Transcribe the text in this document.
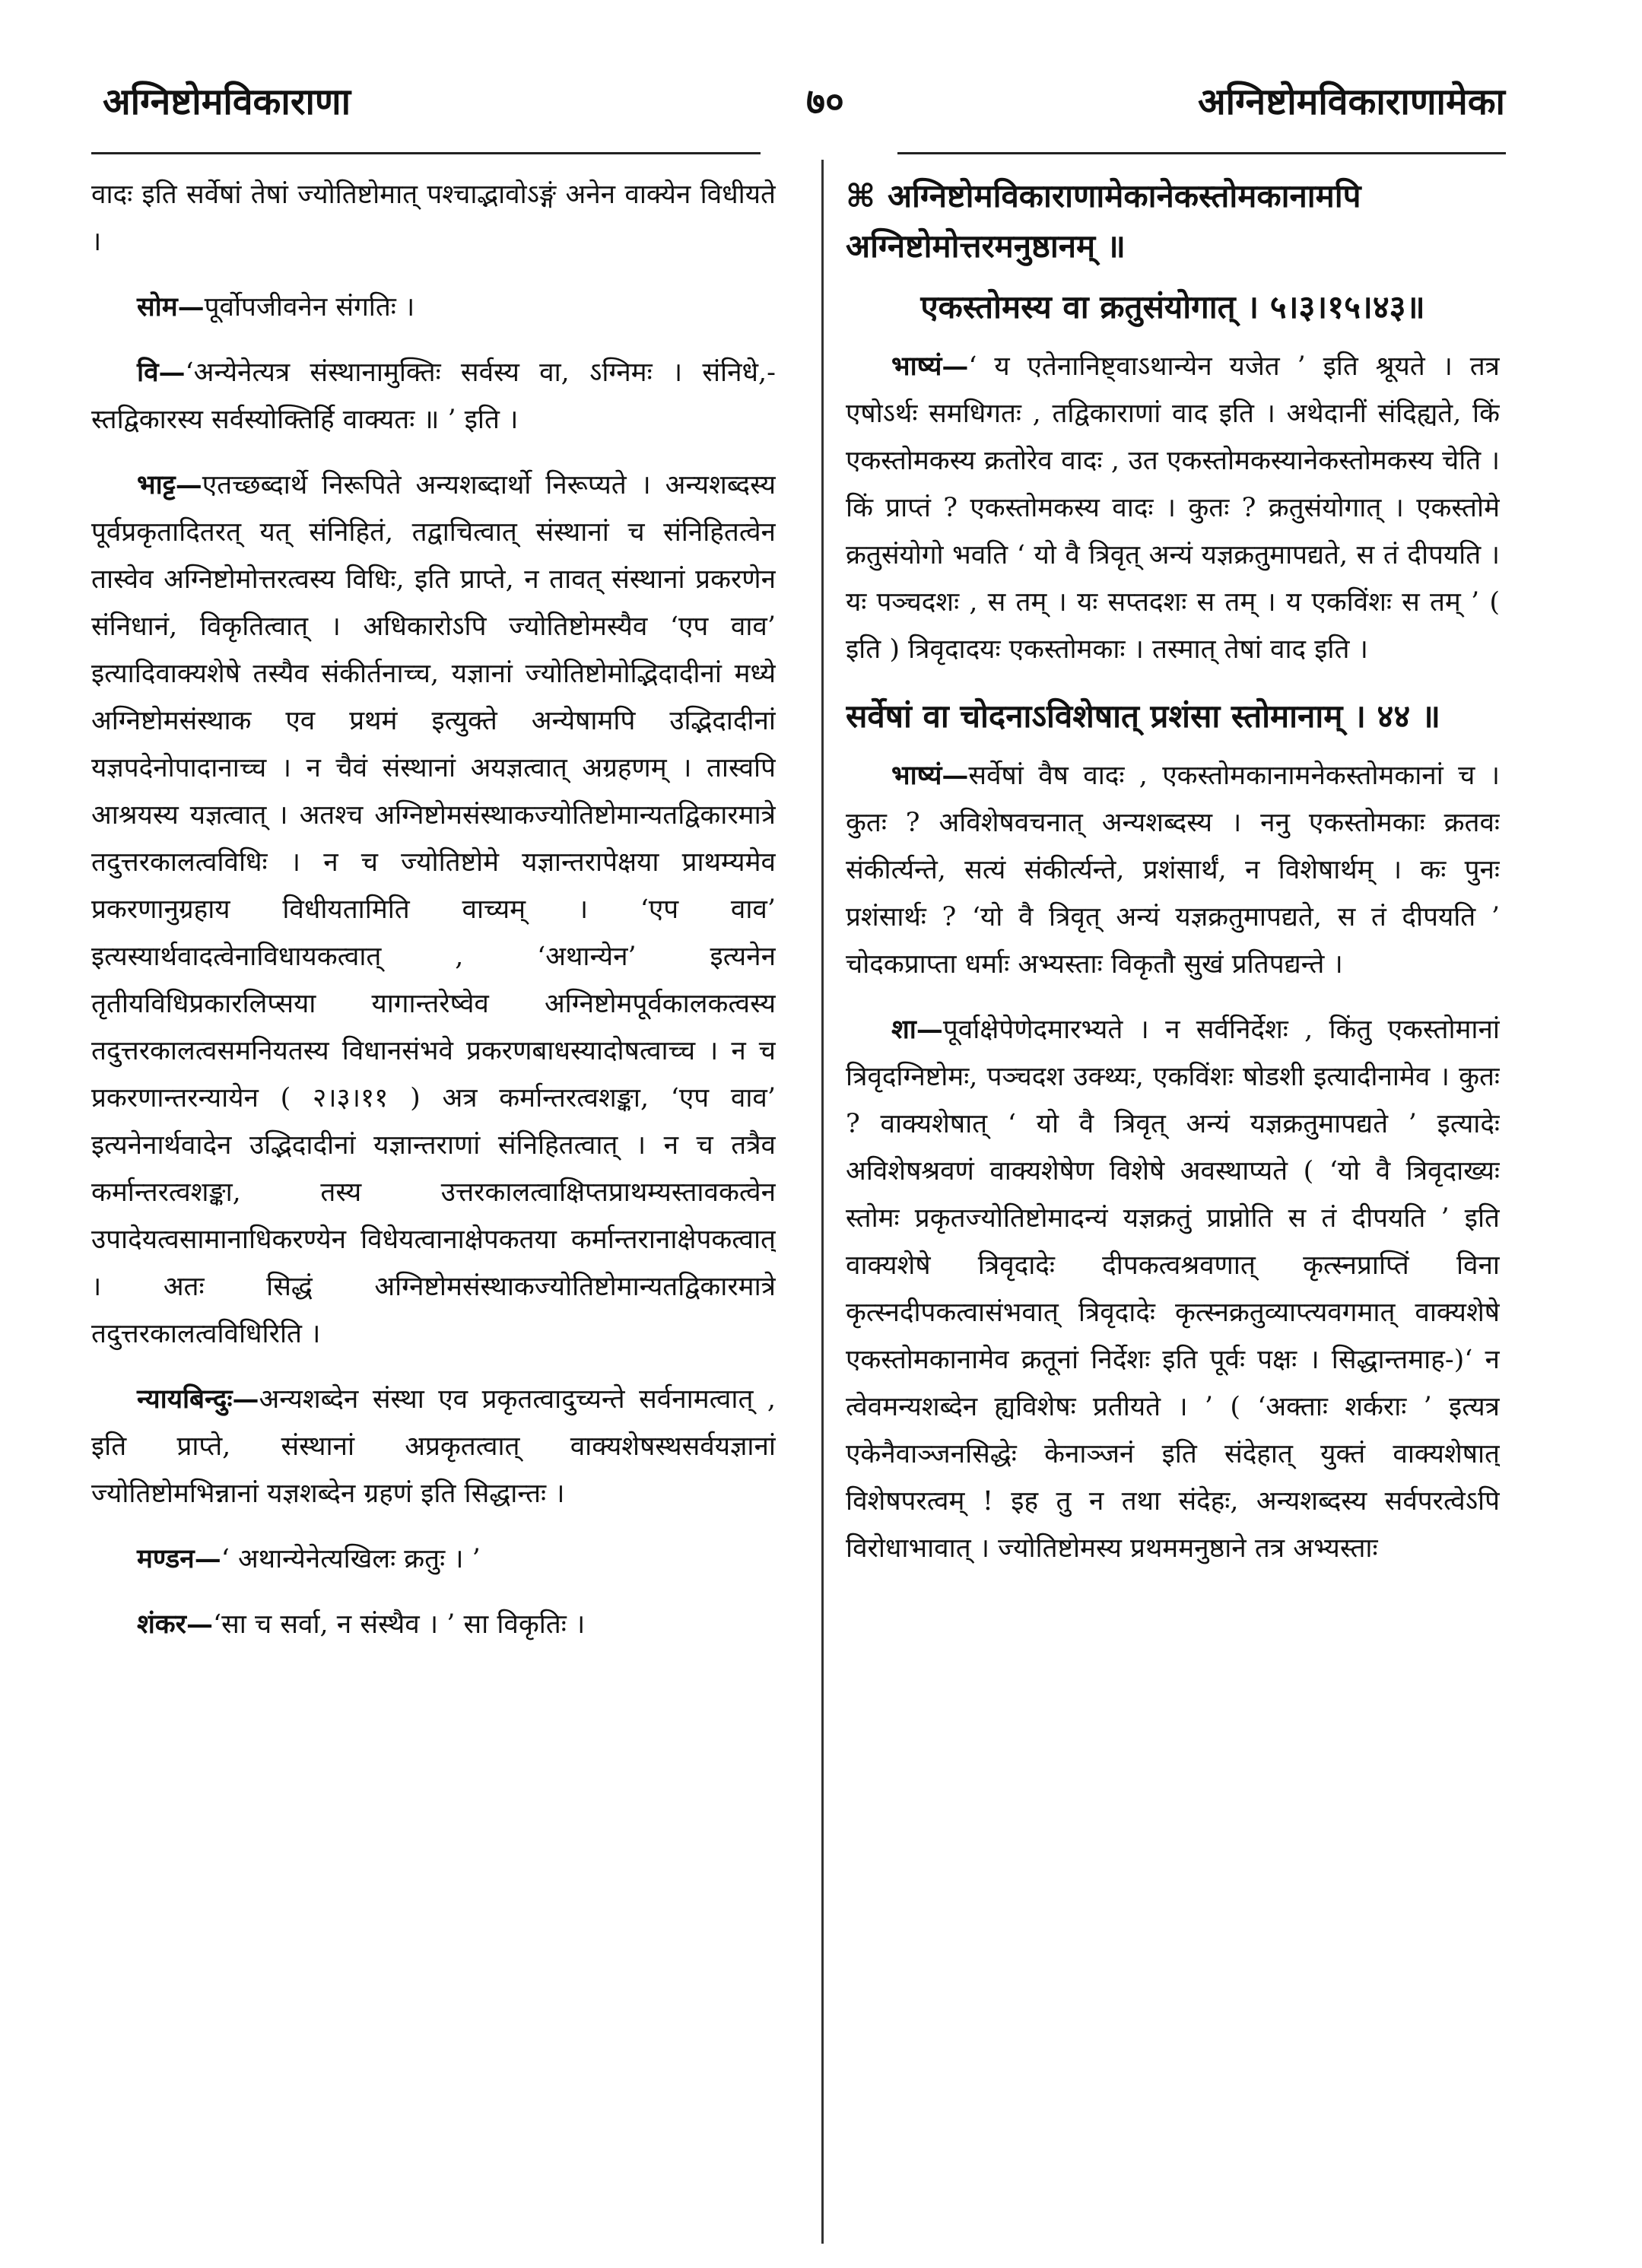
अग्निष्टोमविकाराणा	७०	अग्निष्टोमविकाराणामेका

वादः इति सर्वेषां तेषां ज्योतिष्टोमात् पश्चाद्भावोऽङ्गं अनेन वाक्येन विधीयते ।

सोम—पूर्वोपजीवनेन संगतिः ।

वि—‘अन्येनेत्यत्र संस्थानामुक्तिः सर्वस्य वा, ऽग्निमः । संनिधे,-स्तद्विकारस्य सर्वस्योक्तिर्हि वाक्यतः ॥ ’ इति ।

भाट्ट—एतच्छब्दार्थे निरूपिते अन्यशब्दार्थो निरूप्यते । अन्यशब्दस्य पूर्वप्रकृतादितरत् यत् संनिहितं, तद्वाचित्वात् संस्थानां च संनिहितत्वेन तास्वेव अग्निष्टोमोत्तरत्वस्य विधिः, इति प्राप्ते, न तावत् संस्थानां प्रकरणेन संनिधानं, विकृतित्वात् । अधिकारोऽपि ज्योतिष्टोमस्यैव ‘एप वाव’ इत्यादिवाक्यशेषे तस्यैव संकीर्तनाच्च, यज्ञानां ज्योतिष्टोमोद्भिदादीनां मध्ये अग्निष्टोमसंस्थाक एव प्रथमं इत्युक्ते अन्येषामपि उद्भिदादीनां यज्ञपदेनोपादानाच्च । न चैवं संस्थानां अयज्ञत्वात् अग्रहणम् । तास्वपि आश्रयस्य यज्ञत्वात् । अतश्च अग्निष्टोमसंस्थाकज्योतिष्टोमान्यतद्विकारमात्रे तदुत्तरकालत्वविधिः । न च ज्योतिष्टोमे यज्ञान्तरापेक्षया प्राथम्यमेव प्रकरणानुग्रहाय विधीयतामिति वाच्यम् । ‘एप वाव’ इत्यस्यार्थवादत्वेनाविधायकत्वात् , ‘अथान्येन’ इत्यनेन तृतीयविधिप्रकारलिप्सया यागान्तरेष्वेव अग्निष्टोमपूर्वकालकत्वस्य तदुत्तरकालत्वसमनियतस्य विधानसंभवे प्रकरणबाधस्यादोषत्वाच्च । न च प्रकरणान्तरन्यायेन ( २।३।११ ) अत्र कर्मान्तरत्वशङ्का, ‘एप वाव’ इत्यनेनार्थवादेन उद्भिदादीनां यज्ञान्तराणां संनिहितत्वात् । न च तत्रैव कर्मान्तरत्वशङ्का, तस्य उत्तरकालत्वाक्षिप्तप्राथम्यस्तावकत्वेन उपादेयत्वसामानाधिकरण्येन विधेयत्वानाक्षेपकतया कर्मान्तरानाक्षेपकत्वात् । अतः सिद्धं अग्निष्टोमसंस्थाकज्योतिष्टोमान्यतद्विकारमात्रे तदुत्तरकालत्वविधिरिति ।

न्यायबिन्दुः—अन्यशब्देन संस्था एव प्रकृतत्वादुच्यन्ते सर्वनामत्वात् , इति प्राप्ते, संस्थानां अप्रकृतत्वात् वाक्यशेषस्थसर्वयज्ञानां ज्योतिष्टोमभिन्नानां यज्ञशब्देन ग्रहणं इति सिद्धान्तः ।

मण्डन—‘ अथान्येनेत्यखिलः क्रतुः । ’

शंकर—‘सा च सर्वा, न संस्थैव । ’ सा विकृतिः ।

⌘ अग्निष्टोमविकाराणामेकानेकस्तोमकानामपि अग्निष्टोमोत्तरमनुष्ठानम् ॥

एकस्तोमस्य वा क्रतुसंयोगात् । ५।३।१५।४३॥

भाष्यं—‘ य एतेनानिष्ट्वाऽथान्येन यजेत ’ इति श्रूयते । तत्र एषोऽर्थः समधिगतः , तद्विकाराणां वाद इति । अथेदानीं संदिह्यते, किं एकस्तोमकस्य क्रतोरेव वादः , उत एकस्तोमकस्यानेकस्तोमकस्य चेति । किं प्राप्तं ? एकस्तोमकस्य वादः । कुतः ? क्रतुसंयोगात् । एकस्तोमे क्रतुसंयोगो भवति ‘ यो वै त्रिवृत् अन्यं यज्ञक्रतुमापद्यते, स तं दीपयति । यः पञ्चदशः , स तम् । यः सप्तदशः स तम् । य एकविंशः स तम् ’ ( इति ) त्रिवृदादयः एकस्तोमकाः । तस्मात् तेषां वाद इति ।

सर्वेषां वा चोदनाऽविशेषात् प्रशंसा स्तोमानाम् । ४४ ॥

भाष्यं—सर्वेषां वैष वादः , एकस्तोमकानामनेकस्तोमकानां च । कुतः ? अविशेषवचनात् अन्यशब्दस्य । ननु एकस्तोमकाः क्रतवः संकीर्त्यन्ते, सत्यं संकीर्त्यन्ते, प्रशंसार्थं, न विशेषार्थम् । कः पुनः प्रशंसार्थः ? ‘यो वै त्रिवृत् अन्यं यज्ञक्रतुमापद्यते, स तं दीपयति ’ चोदकप्राप्ता धर्माः अभ्यस्ताः विकृतौ सुखं प्रतिपद्यन्ते ।

शा—पूर्वाक्षेपेणेदमारभ्यते । न सर्वनिर्देशः , किंतु एकस्तोमानां त्रिवृदग्निष्टोमः, पञ्चदश उक्थ्यः, एकविंशः षोडशी इत्यादीनामेव । कुतः ? वाक्यशेषात् ‘ यो वै त्रिवृत् अन्यं यज्ञक्रतुमापद्यते ’ इत्यादेः अविशेषश्रवणं वाक्यशेषेण विशेषे अवस्थाप्यते ( ‘यो वै त्रिवृदाख्यः स्तोमः प्रकृतज्योतिष्टोमादन्यं यज्ञक्रतुं प्राप्नोति स तं दीपयति ’ इति वाक्यशेषे त्रिवृदादेः दीपकत्वश्रवणात् कृत्स्नप्राप्तिं विना कृत्स्नदीपकत्वासंभवात् त्रिवृदादेः कृत्स्नक्रतुव्याप्त्यवगमात् वाक्यशेषे एकस्तोमकानामेव क्रतूनां निर्देशः इति पूर्वः पक्षः । सिद्धान्तमाह-)‘ न त्वेवमन्यशब्देन ह्यविशेषः प्रतीयते । ’ ( ‘अक्ताः शर्कराः ’ इत्यत्र एकेनैवाञ्जनसिद्धेः केनाञ्जनं इति संदेहात् युक्तं वाक्यशेषात् विशेषपरत्वम् ! इह तु न तथा संदेहः, अन्यशब्दस्य सर्वपरत्वेऽपि विरोधाभावात् । ज्योतिष्टोमस्य प्रथममनुष्ठाने तत्र अभ्यस्ताः
